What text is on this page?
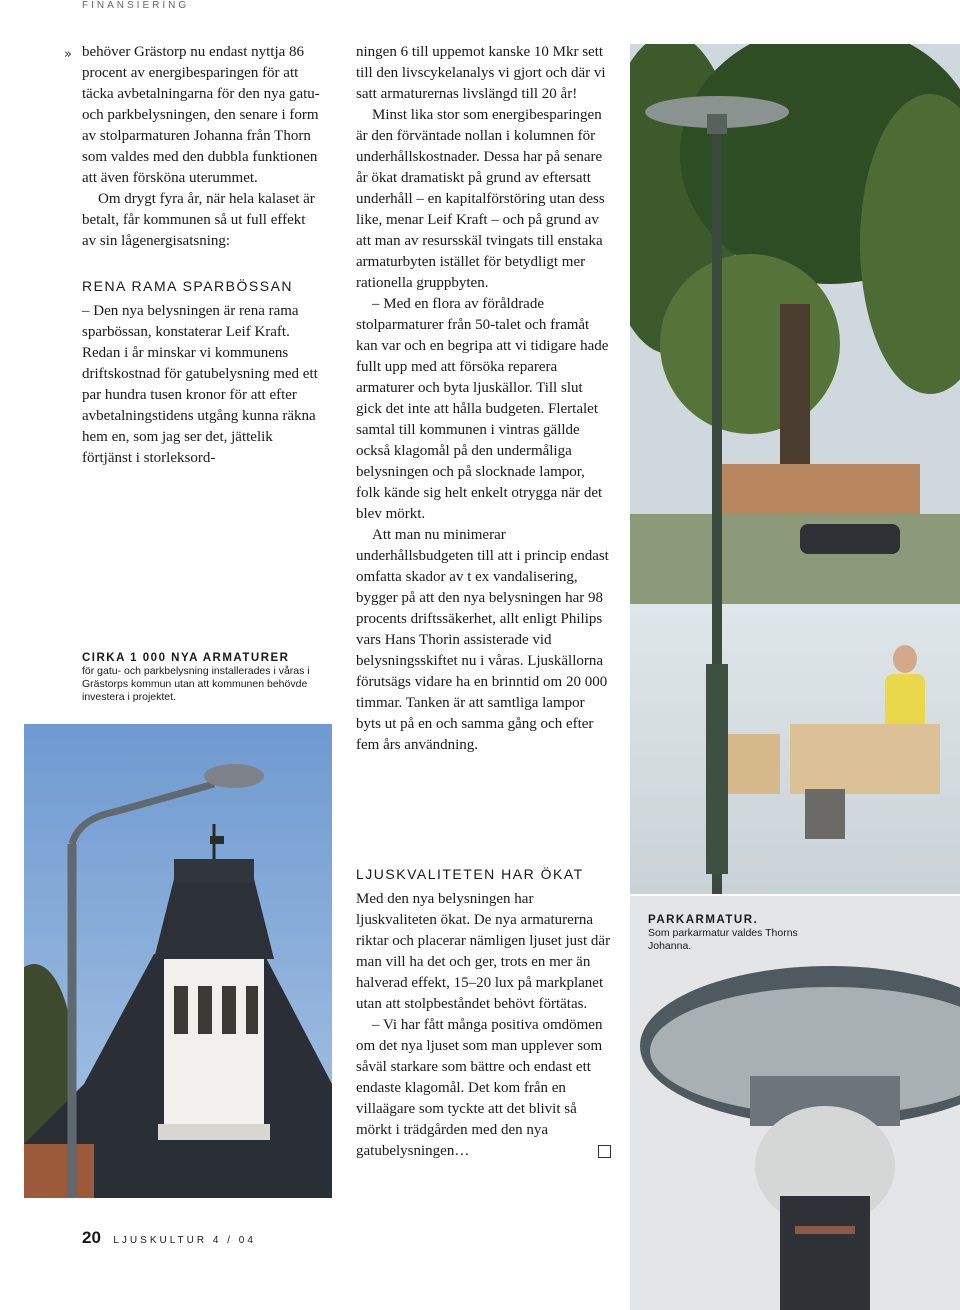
FINANSIERING
» behöver Grästorp nu endast nyttja 86 procent av energibesparingen för att täcka avbetalningarna för den nya gatu- och parkbelysningen, den senare i form av stolparmaturen Johanna från Thorn som valdes med den dubbla funktionen att även försköna uterummet.

Om drygt fyra år, när hela kalaset är betalt, får kommunen så ut full effekt av sin lågenergisatsning:

RENA RAMA SPARBÖSSAN

– Den nya belysningen är rena rama sparbössan, konstaterar Leif Kraft. Redan i år minskar vi kommunens driftskostnad för gatubelysning med ett par hundra tusen kronor för att efter avbetalningstidens utgång kunna räkna hem en, som jag ser det, jättelik förtjänst i storleksord-

ningen 6 till uppemot kanske 10 Mkr sett till den livscykelanalys vi gjort och där vi satt armaturernas livslängd till 20 år!

Minst lika stor som energibesparingen är den förväntade nollan i kolumnen för underhållskostnader. Dessa har på senare år ökat dramatiskt på grund av eftersatt underhåll – en kapitalförstöring utan dess like, menar Leif Kraft – och på grund av att man av resursskäl tvingats till enstaka armaturbyten istället för betydligt mer rationella gruppbyten.

– Med en flora av föråldrade stolparmaturer från 50-talet och framåt kan var och en begripa att vi tidigare hade fullt upp med att försöka reparera armaturer och byta ljuskällor. Till slut gick det inte att hålla budgeten. Flertalet samtal till kommunen i vintras gällde också klagomål på den undermåliga belysningen och på slocknade lampor, folk kände sig helt enkelt otrygga när det blev mörkt.

Att man nu minimerar underhållsbudgeten till att i princip endast omfatta skador av t ex vandalisering, bygger på att den nya belysningen har 98 procents driftssäkerhet, allt enligt Philips vars Hans Thorin assisterade vid belysningsskiftet nu i våras. Ljuskällorna förutsägs vidare ha en brinntid om 20 000 timmar. Tanken är att samtliga lampor byts ut på en och samma gång och efter fem års användning.

LJUSKVALITETEN HAR ÖKAT

Med den nya belysningen har ljuskvaliteten ökat. De nya armaturerna riktar och placerar nämligen ljuset just där man vill ha det och ger, trots en mer än halverad effekt, 15–20 lux på markplanet utan att stolpbeståndet behövt förtätas.

– Vi har fått många positiva omdömen om det nya ljuset som man upplever som såväl starkare som bättre och endast ett endaste klagomål. Det kom från en villaägare som tyckte att det blivit så mörkt i trädgården med den nya gatubelysningen…

CIRKA 1 000 NYA ARMATURER
för gatu- och parkbelysning installerades i våras i Grästorps kommun utan att kommunen behövde investera i projektet.
PARKARMATUR.
Som parkarmatur valdes Thorns Johanna.
20 LJUSKULTUR 4 / 04
